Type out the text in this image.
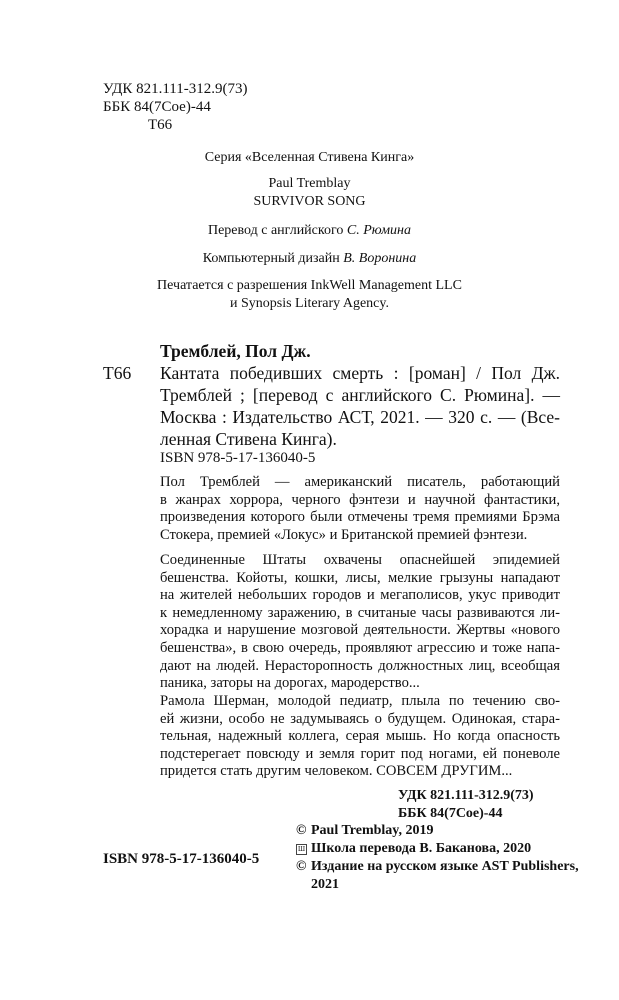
УДК 821.111-312.9(73)
ББК 84(7Сое)-44
Т66
Серия «Вселенная Стивена Кинга»
Paul Tremblay
SURVIVOR SONG
Перевод с английского С. Рюмина
Компьютерный дизайн В. Воронина
Печатается с разрешения InkWell Management LLC
и Synopsis Literary Agency.
Тремблей, Пол Дж.
Т66 Кантата победивших смерть : [роман] / Пол Дж.
Тремблей ; [перевод с английского С. Рюмина]. —
Москва : Издательство АСТ, 2021. — 320 с. — (Все-
ленная Стивена Кинга).
ISBN 978-5-17-136040-5
Пол Тремблей — американский писатель, работающий
в жанрах хоррора, черного фэнтези и научной фантастики,
произведения которого были отмечены тремя премиями Брэма
Стокера, премией «Локус» и Британской премией фэнтези.
Соединенные Штаты охвачены опаснейшей эпидемией
бешенства. Койоты, кошки, лисы, мелкие грызуны нападают
на жителей небольших городов и мегаполисов, укус приводит
к немедленному заражению, в считаные часы развиваются ли-
хорадка и нарушение мозговой деятельности. Жертвы «нового
бешенства», в свою очередь, проявляют агрессию и тоже напа-
дают на людей. Нерасторопность должностных лиц, всеобщая
паника, заторы на дорогах, мародерство...
Рамола Шерман, молодой педиатр, плыла по течению сво-
ей жизни, особо не задумываясь о будущем. Одинокая, старa-
тельная, надежный коллега, серая мышь. Но когда опасность
подстерегает повсюду и земля горит под ногами, ей поневоле
придется стать другим человеком. СОВСЕМ ДРУГИМ...
УДК 821.111-312.9(73)
ББК 84(7Сое)-44
ISBN 978-5-17-136040-5
© Paul Tremblay, 2019
Ш Школа перевода В. Баканова, 2020
© Издание на русском языке AST Publishers,
2021
